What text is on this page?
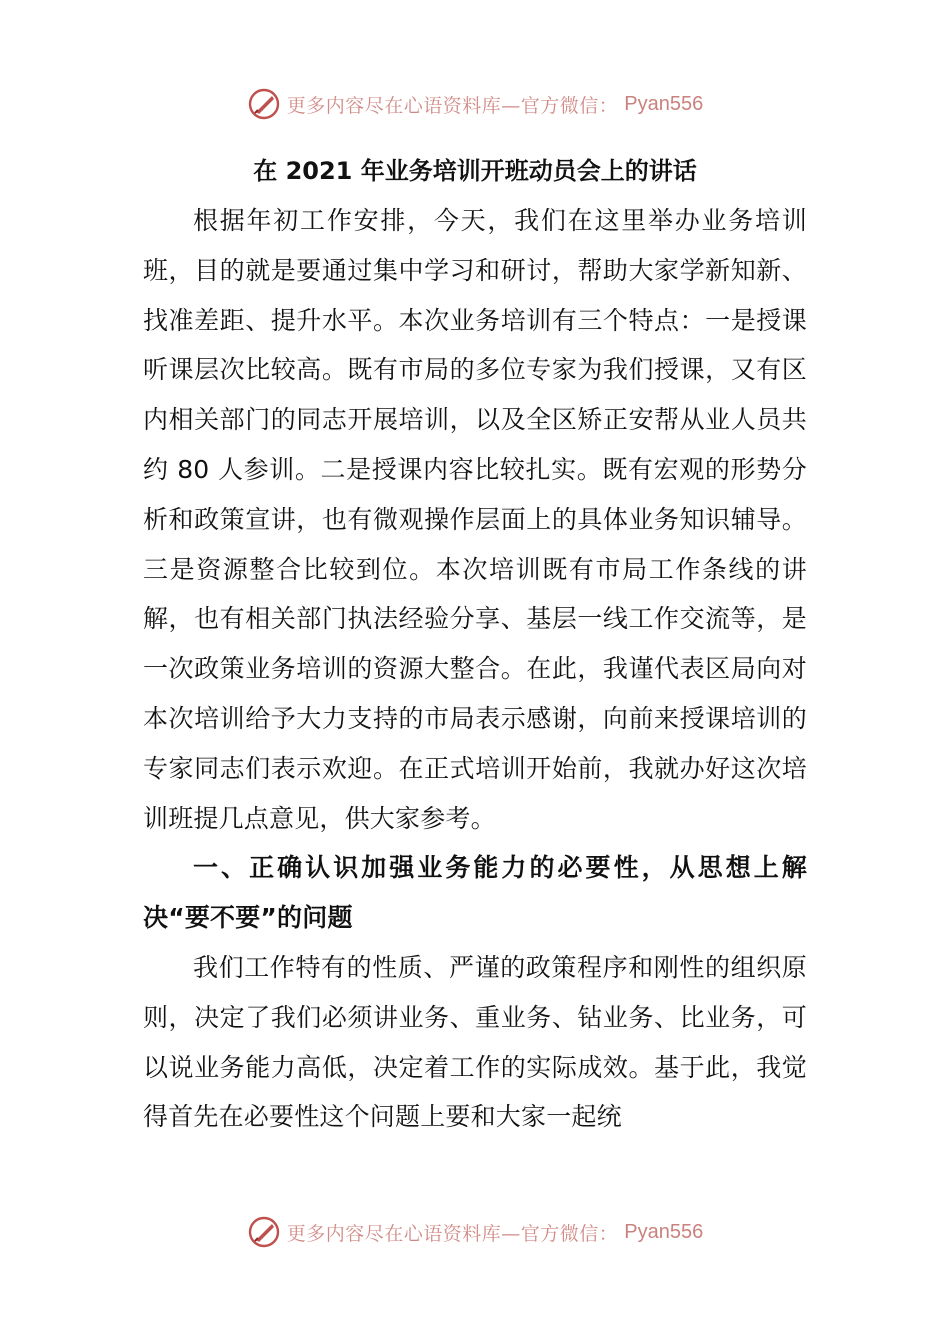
更多内容尽在心语资料库—官方微信： Pyan556
在 2021 年业务培训开班动员会上的讲话

根据年初工作安排，今天，我们在这里举办业务培训班，目的就是要通过集中学习和研讨，帮助大家学新知新、找准差距、提升水平。本次业务培训有三个特点：一是授课听课层次比较高。既有市局的多位专家为我们授课，又有区内相关部门的同志开展培训，以及全区矫正安帮从业人员共约 80 人参训。二是授课内容比较扎实。既有宏观的形势分析和政策宣讲，也有微观操作层面上的具体业务知识辅导。三是资源整合比较到位。本次培训既有市局工作条线的讲解，也有相关部门执法经验分享、基层一线工作交流等，是一次政策业务培训的资源大整合。在此，我谨代表区局向对本次培训给予大力支持的市局表示感谢，向前来授课培训的专家同志们表示欢迎。在正式培训开始前，我就办好这次培训班提几点意见，供大家参考。

一、正确认识加强业务能力的必要性，从思想上解决“要不要”的问题

我们工作特有的性质、严谨的政策程序和刚性的组织原则，决定了我们必须讲业务、重业务、钻业务、比业务，可以说业务能力高低，决定着工作的实际成效。基于此，我觉得首先在必要性这个问题上要和大家一起统

更多内容尽在心语资料库—官方微信： Pyan556
